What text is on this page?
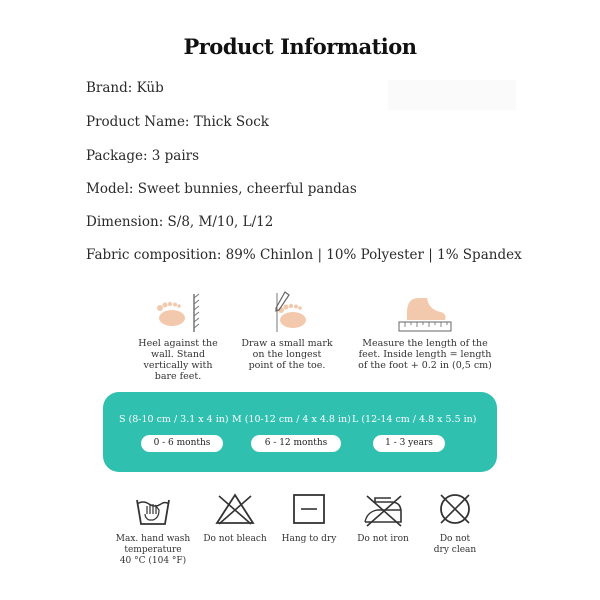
Product Information
Brand: Küb
Product Name: Thick Sock
Package: 3 pairs
Model: Sweet bunnies, cheerful pandas
Dimension: S/8, M/10, L/12
Fabric composition: 89% Chinlon | 10% Polyester | 1% Spandex
Heel against the
wall. Stand
vertically with
bare feet.
Draw a small mark
on the longest
point of the toe.
Measure the length of the
feet. Inside length = length
of the foot + 0.2 in (0,5 cm)
S (8-10 cm / 3.1 x 4 in)
0 - 6 months
M (10-12 cm / 4 x 4.8 in)
6 - 12 months
L (12-14 cm / 4.8 x 5.5 in)
1 - 3 years
Max. hand wash
temperature
40 °C (104 °F)
Do not bleach	Hang to dry	Do not iron	Do not
dry clean
